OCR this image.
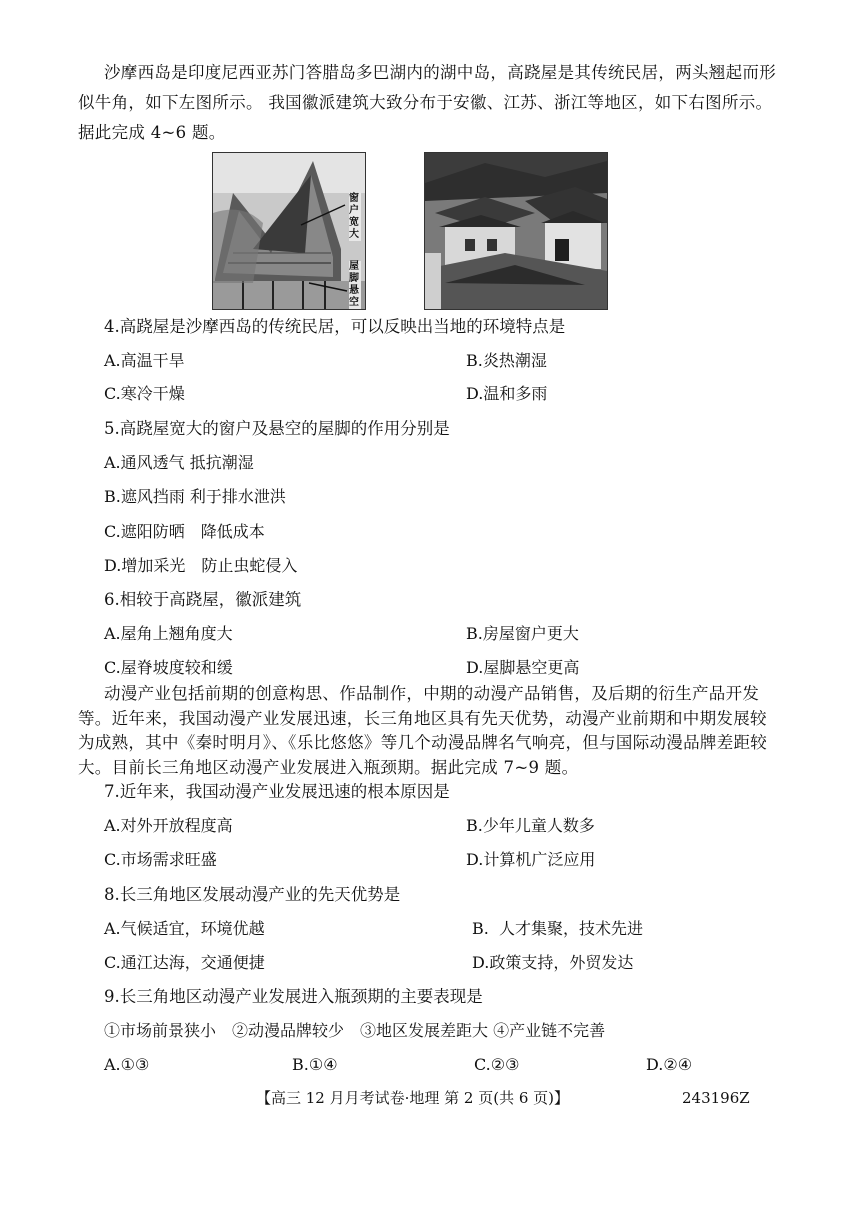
沙摩西岛是印度尼西亚苏门答腊岛多巴湖内的湖中岛，高跷屋是其传统民居，两头翘起而形似牛角，如下左图所示。 我国徽派建筑大致分布于安徽、江苏、浙江等地区，如下右图所示。据此完成 4~6 题。

窗户宽大
屋脚悬空

4.高跷屋是沙摩西岛的传统民居，可以反映出当地的环境特点是

A.高温干旱	B.炎热潮湿

C.寒冷干燥	D.温和多雨

5.高跷屋宽大的窗户及悬空的屋脚的作用分别是

A.通风透气 抵抗潮湿

B.遮风挡雨 利于排水泄洪

C.遮阳防晒　降低成本

D.增加采光　防止虫蛇侵入

6.相较于高跷屋，徽派建筑

A.屋角上翘角度大	B.房屋窗户更大

C.屋脊坡度较和缓	D.屋脚悬空更高

动漫产业包括前期的创意构思、作品制作，中期的动漫产品销售，及后期的衍生产品开发等。近年来，我国动漫产业发展迅速，长三角地区具有先天优势，动漫产业前期和中期发展较为成熟，其中《秦时明月》、《乐比悠悠》等几个动漫品牌名气响亮，但与国际动漫品牌差距较大。目前长三角地区动漫产业发展进入瓶颈期。据此完成 7~9 题。

7.近年来，我国动漫产业发展迅速的根本原因是

A.对外开放程度高	B.少年儿童人数多

C.市场需求旺盛	D.计算机广泛应用

8.长三角地区发展动漫产业的先天优势是

A.气候适宜，环境优越	B.  人才集聚，技术先进

C.通江达海，交通便捷	D.政策支持，外贸发达

9.长三角地区动漫产业发展进入瓶颈期的主要表现是

①市场前景狭小　②动漫品牌较少　③地区发展差距大 ④产业链不完善

A.①③	B.①④	C.②③	D.②④

【高三 12 月月考试卷·地理 第 2 页(共 6 页)】	243196Z
